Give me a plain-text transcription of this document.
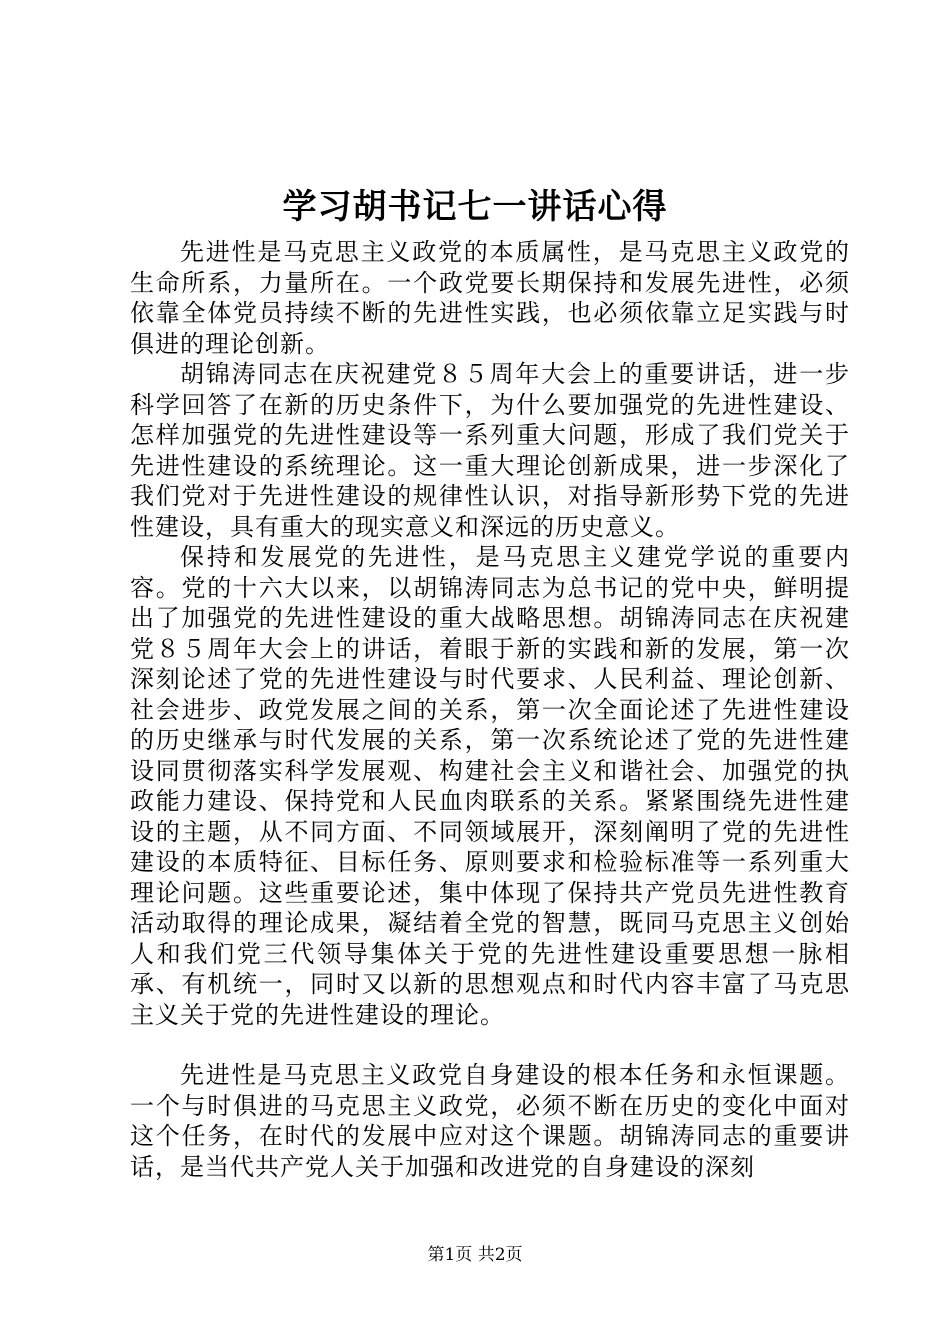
学习胡书记七一讲话心得

先进性是马克思主义政党的本质属性，是马克思主义政党的生命所系，力量所在。一个政党要长期保持和发展先进性，必须依靠全体党员持续不断的先进性实践，也必须依靠立足实践与时俱进的理论创新。

胡锦涛同志在庆祝建党８５周年大会上的重要讲话，进一步科学回答了在新的历史条件下，为什么要加强党的先进性建设、怎样加强党的先进性建设等一系列重大问题，形成了我们党关于先进性建设的系统理论。这一重大理论创新成果，进一步深化了我们党对于先进性建设的规律性认识，对指导新形势下党的先进性建设，具有重大的现实意义和深远的历史意义。

保持和发展党的先进性，是马克思主义建党学说的重要内容。党的十六大以来，以胡锦涛同志为总书记的党中央，鲜明提出了加强党的先进性建设的重大战略思想。胡锦涛同志在庆祝建党８５周年大会上的讲话，着眼于新的实践和新的发展，第一次深刻论述了党的先进性建设与时代要求、人民利益、理论创新、社会进步、政党发展之间的关系，第一次全面论述了先进性建设的历史继承与时代发展的关系，第一次系统论述了党的先进性建设同贯彻落实科学发展观、构建社会主义和谐社会、加强党的执政能力建设、保持党和人民血肉联系的关系。紧紧围绕先进性建设的主题，从不同方面、不同领域展开，深刻阐明了党的先进性建设的本质特征、目标任务、原则要求和检验标准等一系列重大理论问题。这些重要论述，集中体现了保持共产党员先进性教育活动取得的理论成果，凝结着全党的智慧，既同马克思主义创始人和我们党三代领导集体关于党的先进性建设重要思想一脉相承、有机统一，同时又以新的思想观点和时代内容丰富了马克思主义关于党的先进性建设的理论。

先进性是马克思主义政党自身建设的根本任务和永恒课题。一个与时俱进的马克思主义政党，必须不断在历史的变化中面对这个任务，在时代的发展中应对这个课题。胡锦涛同志的重要讲话，是当代共产党人关于加强和改进党的自身建设的深刻

第1页 共2页
